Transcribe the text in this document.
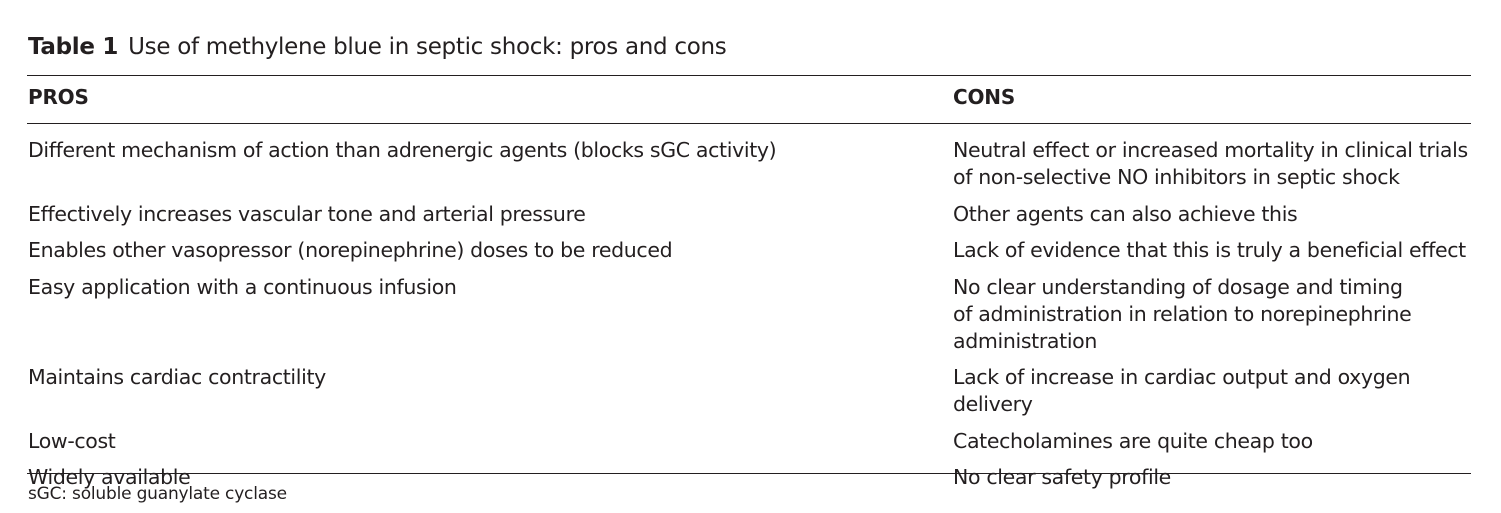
Table 1 Use of methylene blue in septic shock: pros and cons
PROS	CONS
Different mechanism of action than adrenergic agents (blocks sGC activity)	Neutral effect or increased mortality in clinical trials
of non-selective NO inhibitors in septic shock
Effectively increases vascular tone and arterial pressure	Other agents can also achieve this
Enables other vasopressor (norepinephrine) doses to be reduced	Lack of evidence that this is truly a beneficial effect
Easy application with a continuous infusion	No clear understanding of dosage and timing
of administration in relation to norepinephrine
administration
Maintains cardiac contractility	Lack of increase in cardiac output and oxygen delivery
Low-cost	Catecholamines are quite cheap too
Widely available	No clear safety profile
sGC: soluble guanylate cyclase
